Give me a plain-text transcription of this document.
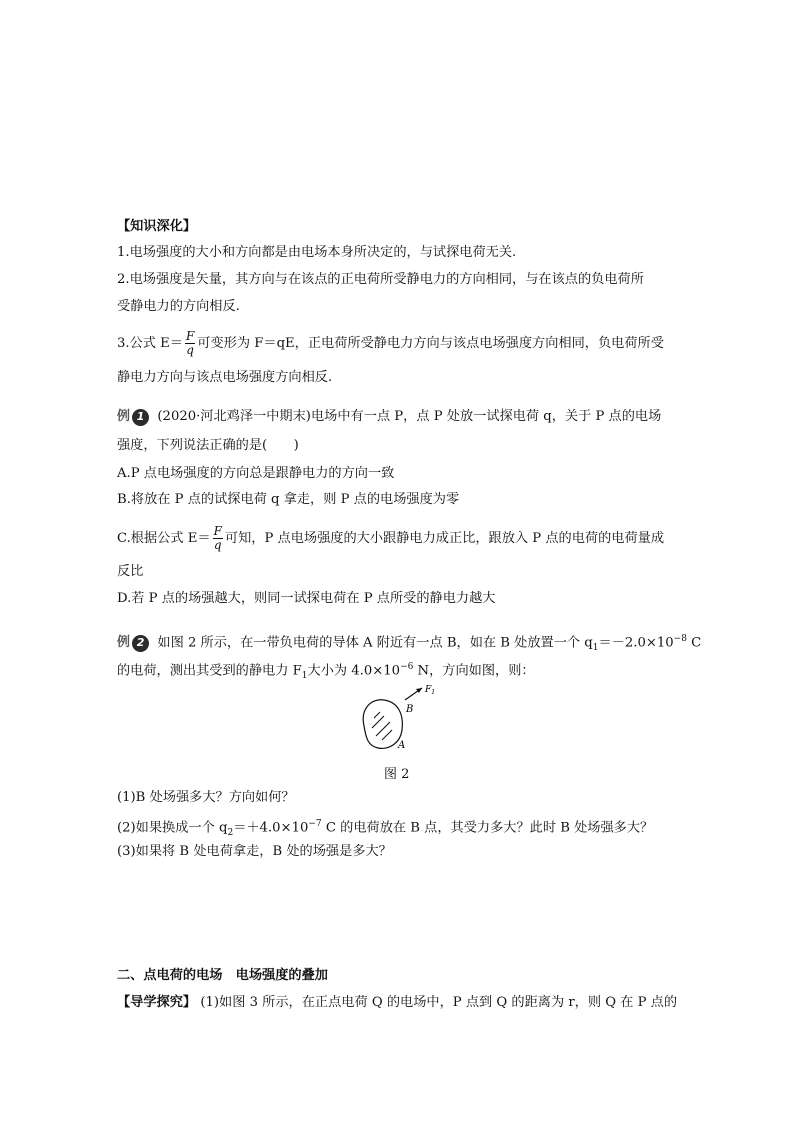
【知识深化】
1.电场强度的大小和方向都是由电场本身所决定的，与试探电荷无关.
2.电场强度是矢量，其方向与在该点的正电荷所受静电力的方向相同，与在该点的负电荷所
受静电力的方向相反.
3.公式 $E= \frac{F}{q}$ 可变形为 F＝qE，正电荷所受静电力方向与该点电场强度方向相同，负电荷所受
静电力方向与该点电场强度方向相反.
例 1 (2020·河北鸡泽一中期末)电场中有一点 P，点 P 处放一试探电荷 q，关于 P 点的电场
强度，下列说法正确的是(　　)
A.P 点电场强度的方向总是跟静电力的方向一致
B.将放在 P 点的试探电荷 q 拿走，则 P 点的电场强度为零
C.根据公式 $E= \frac{F}{q}$ 可知，P 点电场强度的大小跟静电力成正比，跟放入 P 点的电荷的电荷量成
反比
D.若 P 点的场强越大，则同一试探电荷在 P 点所受的静电力越大
例 2 如图 2 所示，在一带负电荷的导体 A 附近有一点 B，如在 B 处放置一个 $q_1=-2.0\times 10^{-8}$ C
的电荷，测出其受到的静电力 $F_1$大小为 $4.0\times 10^{-6}$ N，方向如图，则：
B
A
$F_1$
图 2
(1)B 处场强多大？方向如何？
(2)如果换成一个 $q_2=+4.0\times 10^{-7}$ C 的电荷放在 B 点，其受力多大？此时 B 处场强多大？
(3)如果将 B 处电荷拿走，B 处的场强是多大？
二、点电荷的电场　电场强度的叠加
【导学探究】 (1)如图 3 所示，在正点电荷 Q 的电场中，P 点到 Q 的距离为 r，则 Q 在 P 点的
